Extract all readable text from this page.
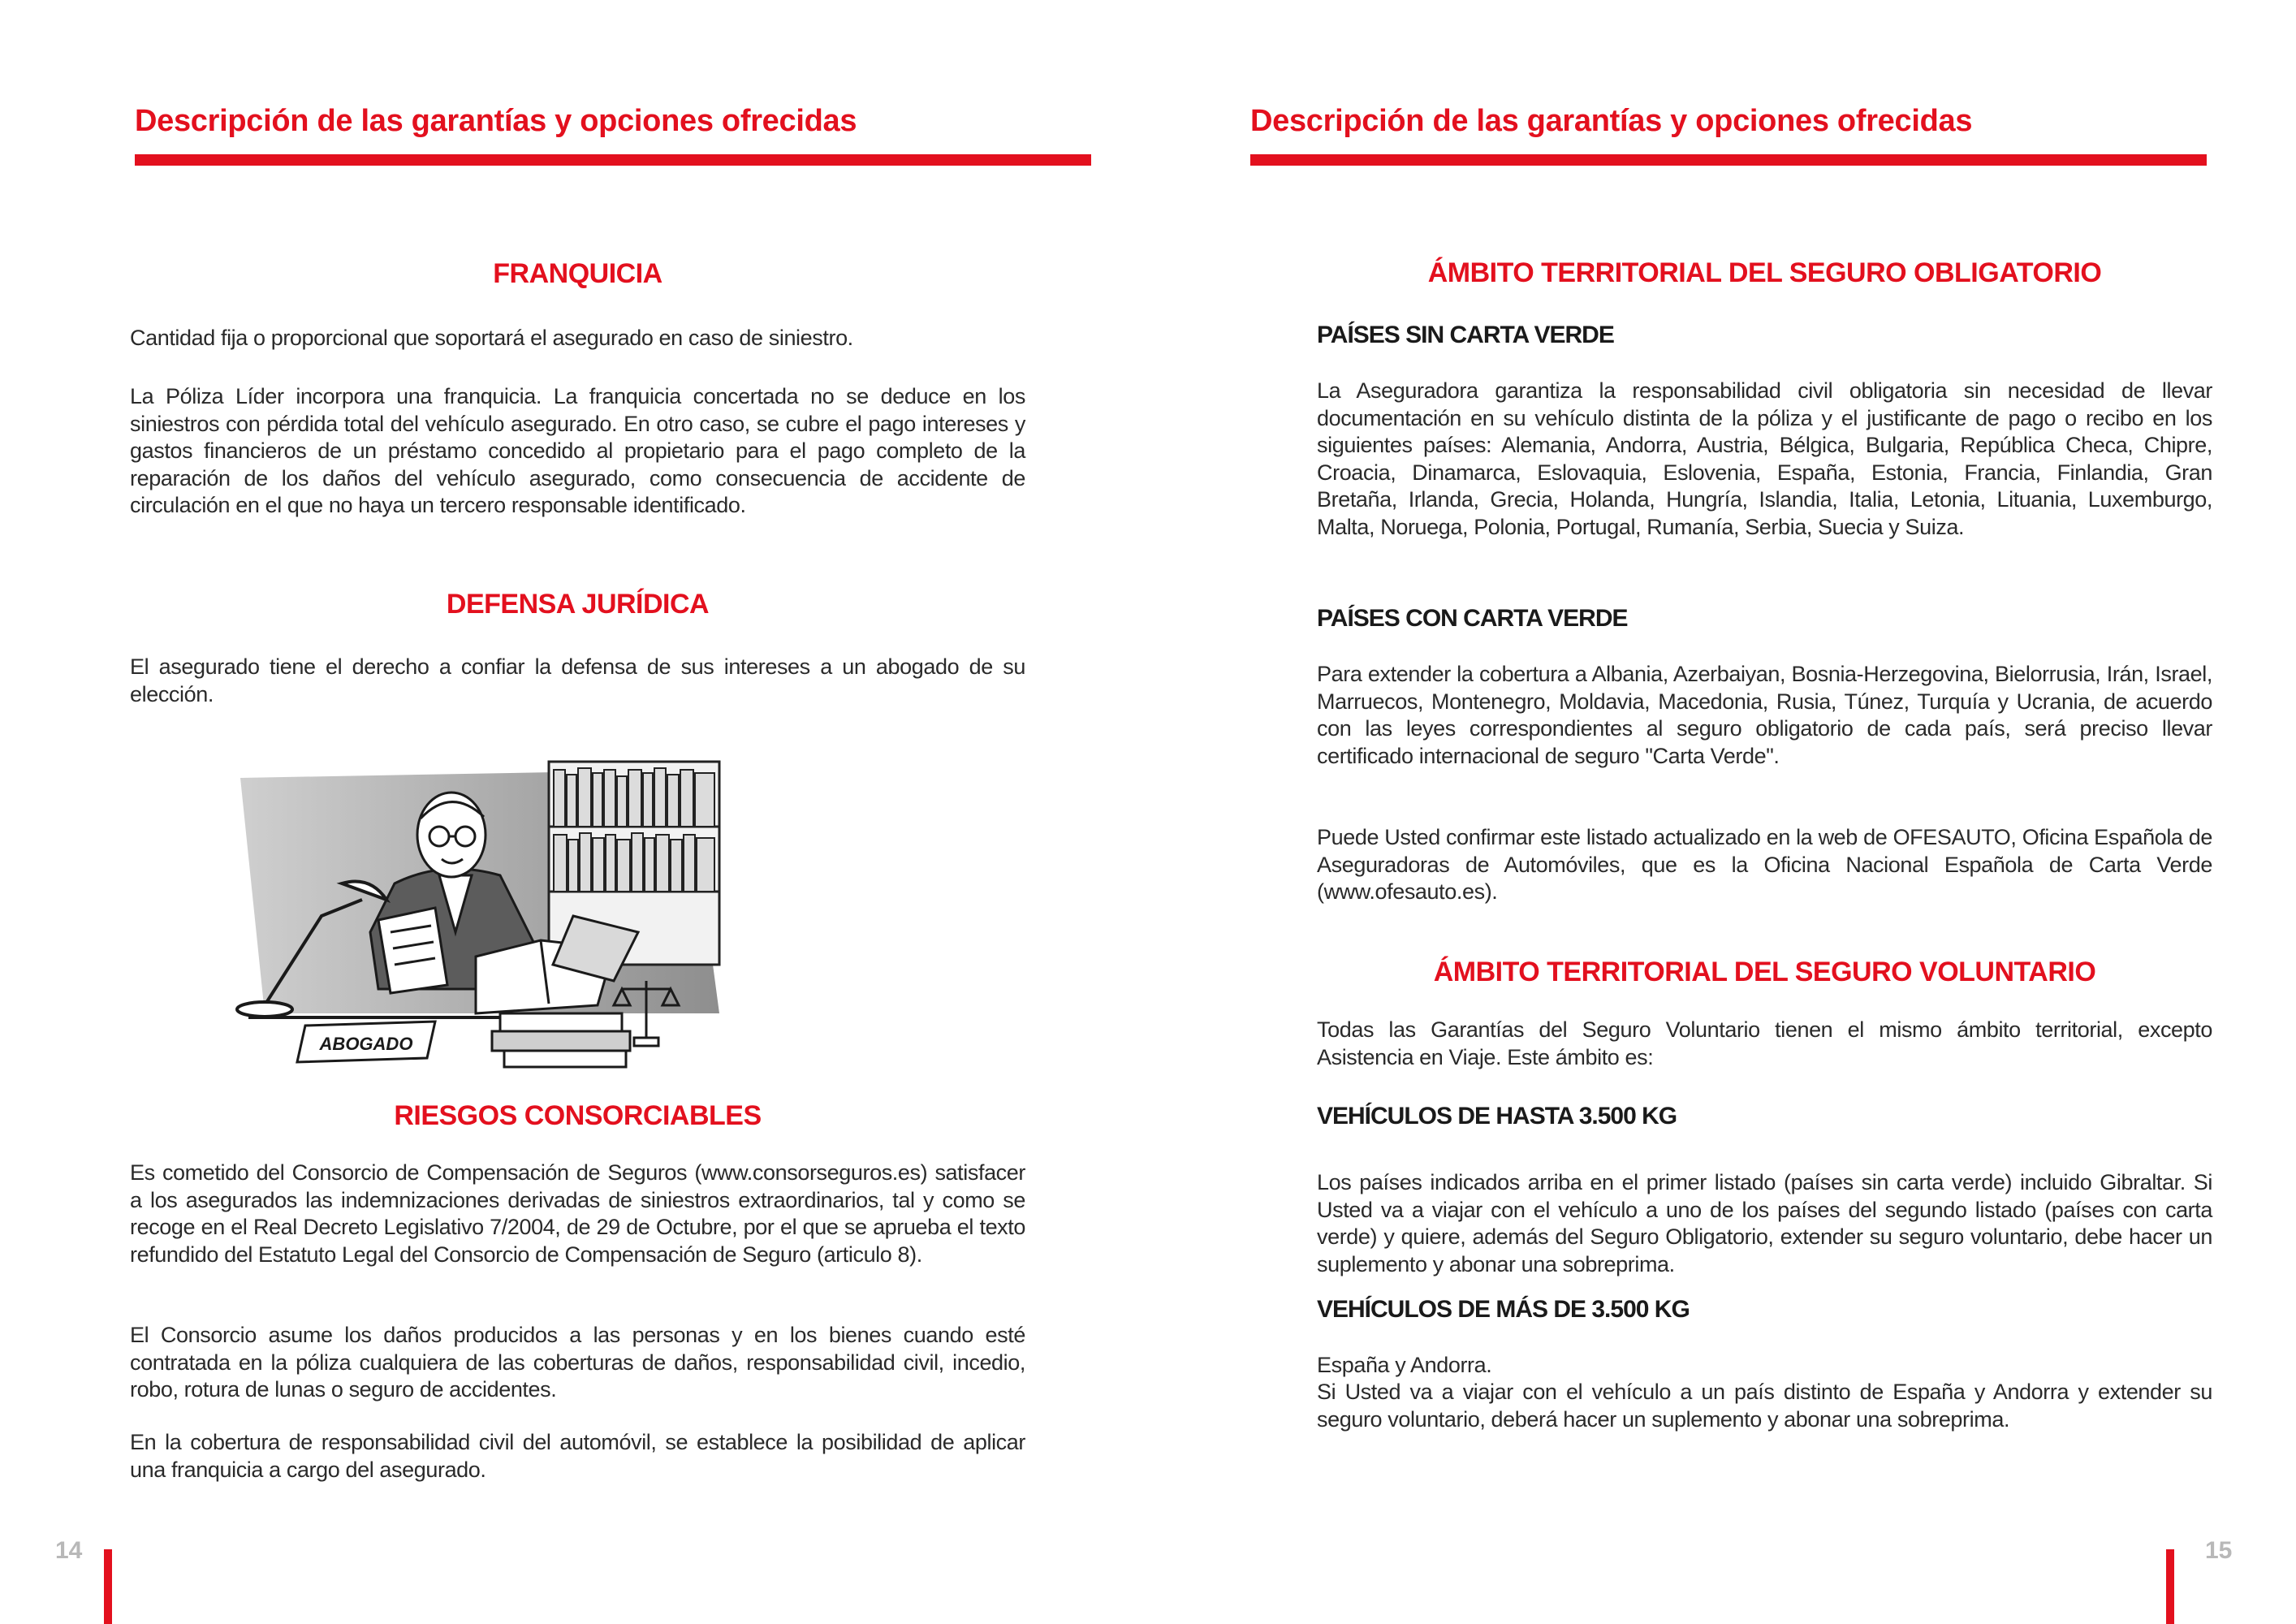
Descripción de las garantías y opciones ofrecidas
FRANQUICIA
Cantidad fija o proporcional que soportará el asegurado en caso de siniestro.
La Póliza Líder incorpora una franquicia. La franquicia concertada no se deduce en los siniestros con pérdida total del vehículo asegurado. En otro caso, se cubre el pago intereses y gastos financieros de un préstamo concedido al propietario para el pago completo de la reparación de los daños del vehículo asegurado, como consecuencia de accidente de circulación en el que no haya un tercero responsable identificado.
DEFENSA JURÍDICA
El asegurado tiene el derecho a confiar la defensa de sus intereses a un abogado de su elección.
ABOGADO
RIESGOS CONSORCIABLES
Es cometido del Consorcio de Compensación de Seguros (www.consorseguros.es) satisfacer a los asegurados las indemnizaciones derivadas de siniestros extraordinarios, tal y como se recoge en el Real Decreto Legislativo 7/2004, de 29 de Octubre, por el que se aprueba el texto refundido del Estatuto Legal del Consorcio de Compensación de Seguro (articulo 8).
El Consorcio asume los daños producidos a las personas y en los bienes cuando esté contratada en la póliza cualquiera de las coberturas de daños, responsabilidad civil, incedio, robo, rotura de lunas o seguro de accidentes.
En la cobertura de responsabilidad civil del automóvil, se establece la posibilidad de aplicar una franquicia a cargo del asegurado.
14
Descripción de las garantías y opciones ofrecidas
ÁMBITO TERRITORIAL DEL SEGURO OBLIGATORIO
PAÍSES SIN CARTA VERDE
La Aseguradora garantiza la responsabilidad civil obligatoria sin necesidad de llevar documentación en su vehículo distinta de la póliza y el justificante de pago o recibo en los siguientes países: Alemania, Andorra, Austria, Bélgica, Bulgaria, República Checa, Chipre, Croacia, Dinamarca, Eslovaquia, Eslovenia, España, Estonia, Francia, Finlandia, Gran Bretaña, Irlanda, Grecia, Holanda, Hungría, Islandia, Italia, Letonia, Lituania, Luxemburgo, Malta, Noruega, Polonia, Portugal, Rumanía, Serbia, Suecia y Suiza.
PAÍSES CON CARTA VERDE
Para extender la cobertura a Albania, Azerbaiyan, Bosnia-Herzegovina, Bielorrusia, Irán, Israel, Marruecos, Montenegro, Moldavia, Macedonia, Rusia, Túnez, Turquía y Ucrania, de acuerdo con las leyes correspondientes al seguro obligatorio de cada país, será preciso llevar certificado internacional de seguro "Carta Verde".
Puede Usted confirmar este listado actualizado en la web de OFESAUTO, Oficina Española de Aseguradoras de Automóviles, que es la Oficina Nacional Española de Carta Verde (www.ofesauto.es).
ÁMBITO TERRITORIAL DEL SEGURO VOLUNTARIO
Todas las Garantías del Seguro Voluntario tienen el mismo ámbito territorial, excepto Asistencia en Viaje. Este ámbito es:
VEHÍCULOS DE HASTA 3.500 KG
Los países indicados arriba en el primer listado (países sin carta verde) incluido Gibraltar. Si Usted va a viajar con el vehículo a uno de los países del segundo listado (países con carta verde) y quiere, además del Seguro Obligatorio, extender su seguro voluntario, debe hacer un suplemento y abonar una sobreprima.
VEHÍCULOS DE MÁS DE 3.500 KG
España y Andorra.
Si Usted va a viajar con el vehículo a un país distinto de España y Andorra y extender su seguro voluntario, deberá hacer un suplemento y abonar una sobreprima.
15
